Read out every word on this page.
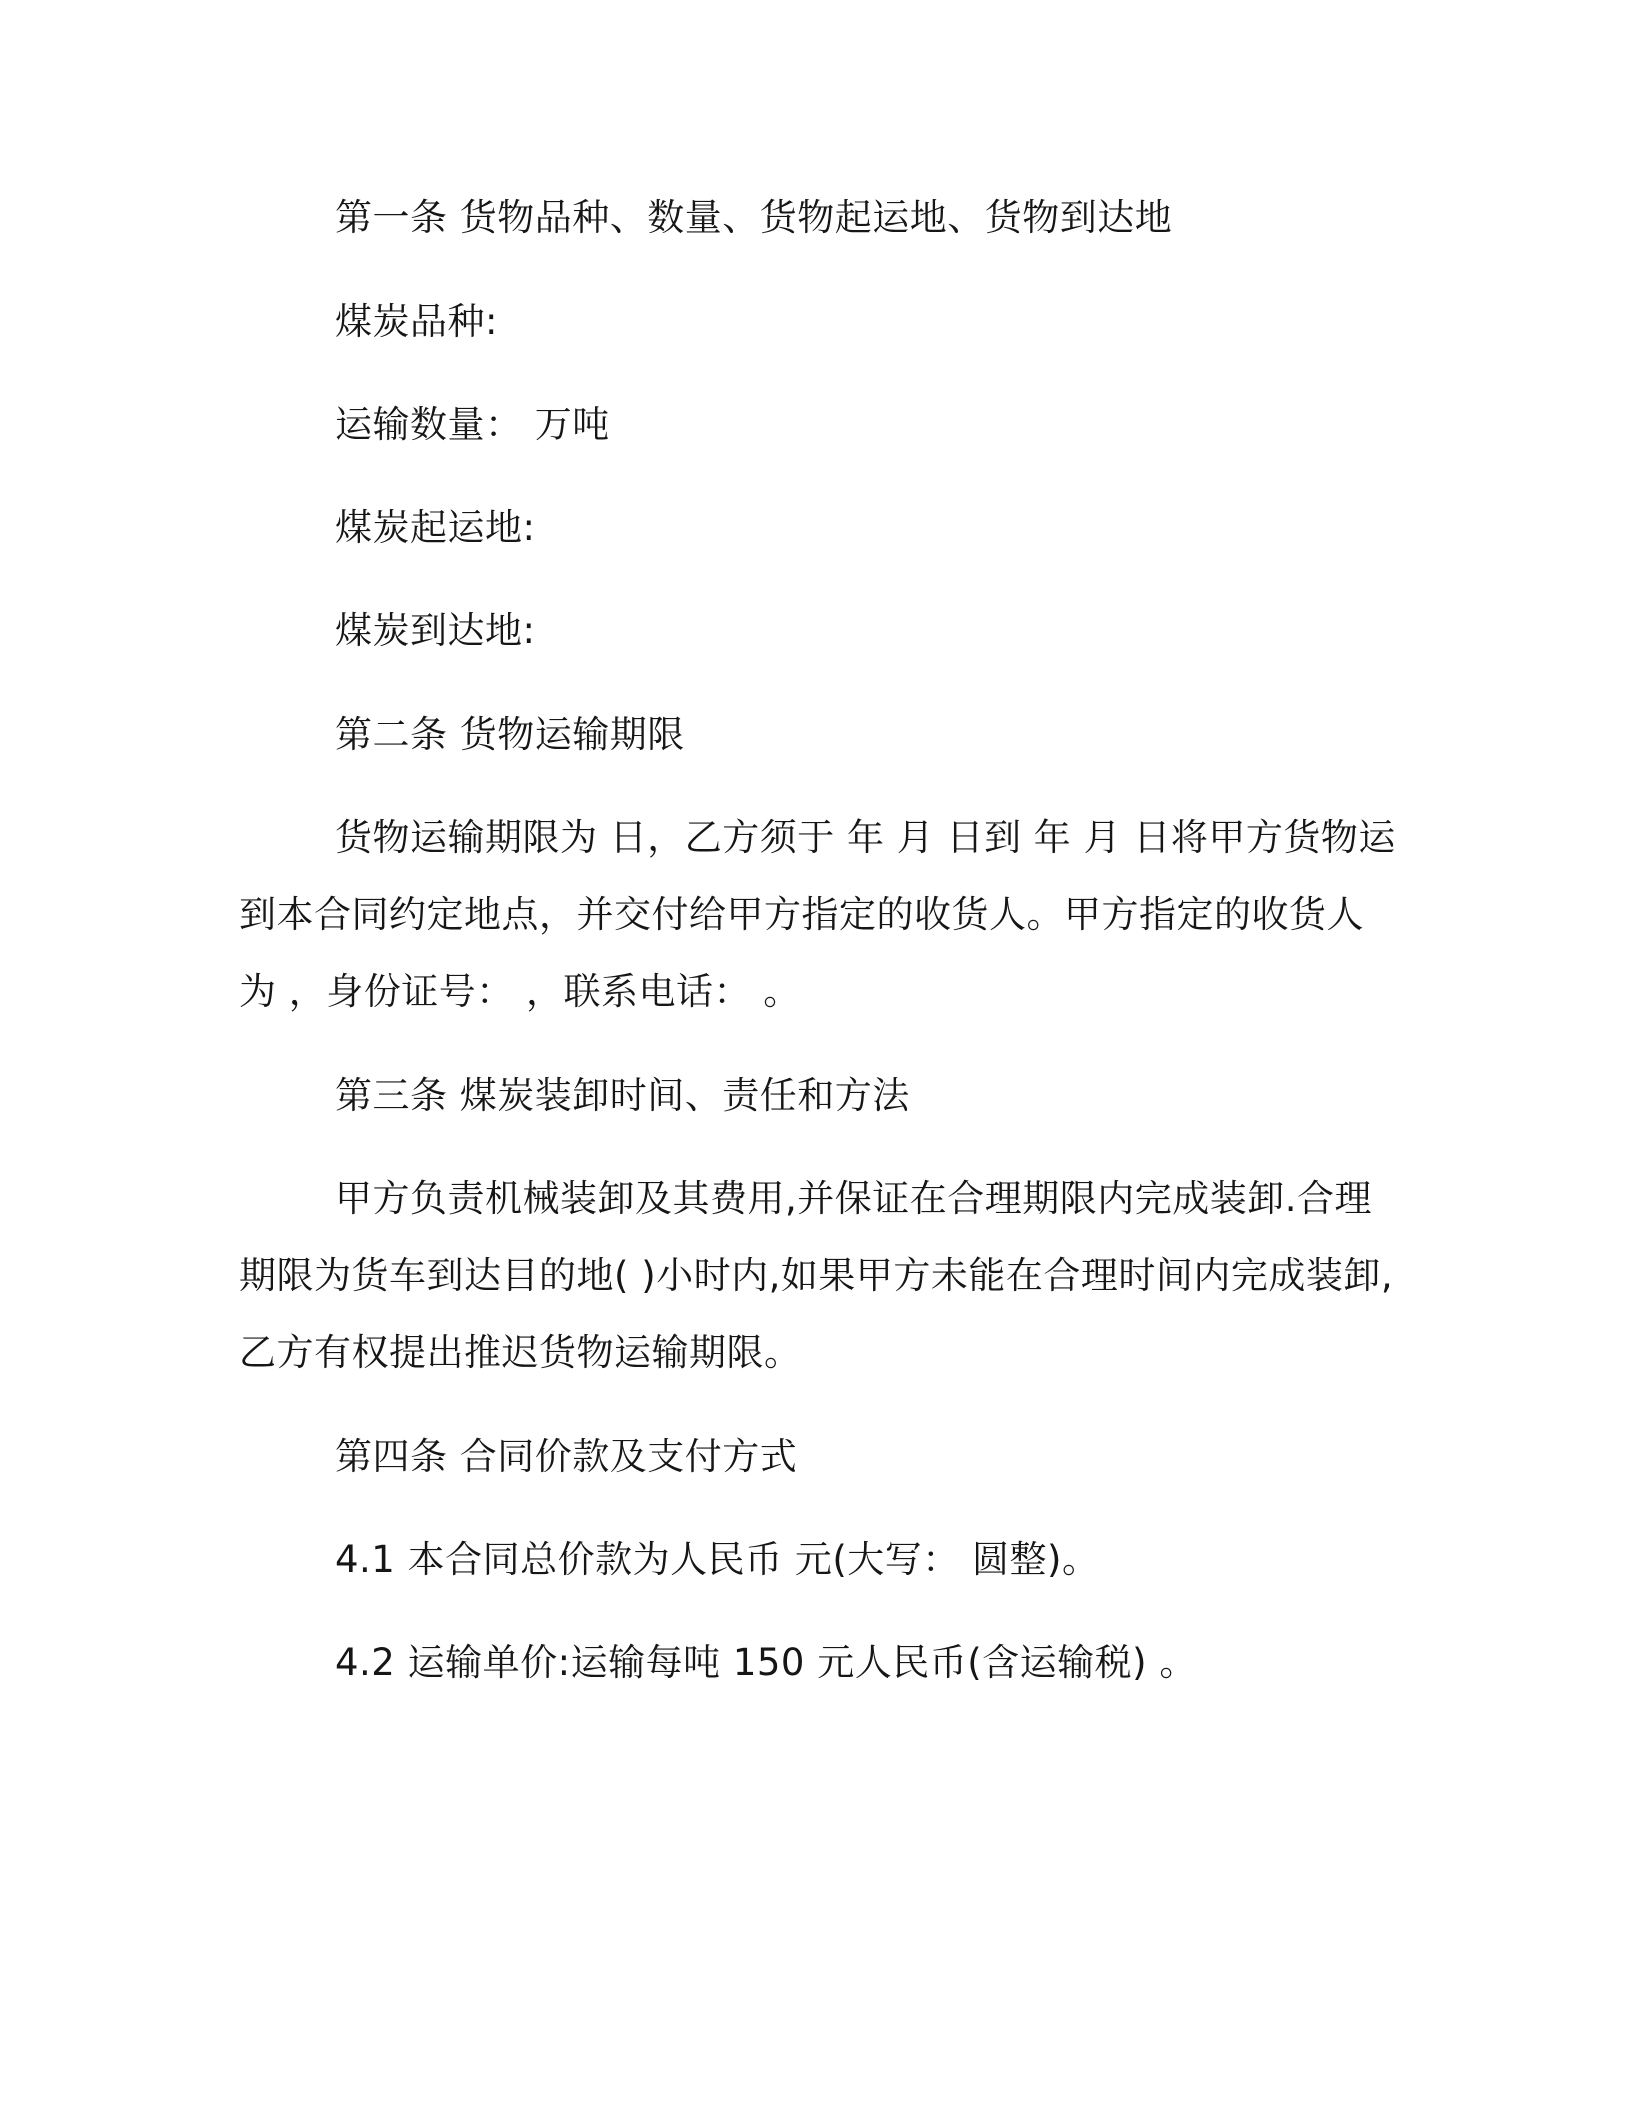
第一条 货物品种、数量、货物起运地、货物到达地
煤炭品种:
运输数量： 万吨
煤炭起运地:
煤炭到达地:
第二条 货物运输期限
货物运输期限为 日，乙方须于 年 月 日到 年 月 日将甲方货物运
到本合同约定地点，并交付给甲方指定的收货人。甲方指定的收货人
为 ，身份证号： ，联系电话： 。
第三条 煤炭装卸时间、责任和方法
甲方负责机械装卸及其费用,并保证在合理期限内完成装卸.合理
期限为货车到达目的地( )小时内,如果甲方未能在合理时间内完成装卸,
乙方有权提出推迟货物运输期限。
第四条 合同价款及支付方式
4.1 本合同总价款为人民币 元(大写： 圆整)。
4.2 运输单价:运输每吨 150 元人民币(含运输税) 。
